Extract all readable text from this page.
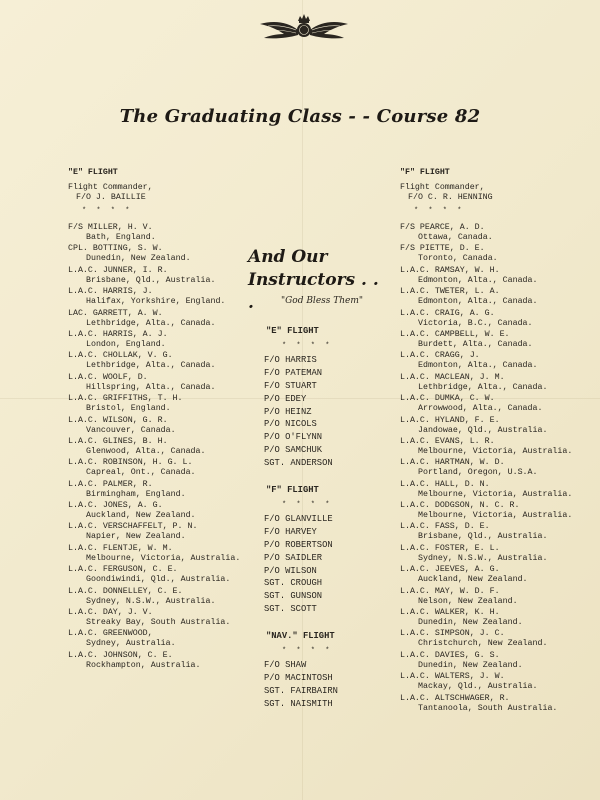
The Graduating Class - - Course 82
"E" FLIGHT
Flight Commander,
F/O J. BAILLIE
* * * *
F/S MILLER, H. V.
Bath, England.
CPL. BOTTING, S. W.
Dunedin, New Zealand.
L.A.C. JUNNER, I. R.
Brisbane, Qld., Australia.
L.A.C. HARRIS, J.
Halifax, Yorkshire, England.
LAC. GARRETT, A. W.
Lethbridge, Alta., Canada.
L.A.C. HARRIS, A. J.
London, England.
L.A.C. CHOLLAK, V. G.
Lethbridge, Alta., Canada.
L.A.C. WOOLF, D.
Hillspring, Alta., Canada.
L.A.C. GRIFFITHS, T. H.
Bristol, England.
L.A.C. WILSON, G. R.
Vancouver, Canada.
L.A.C. GLINES, B. H.
Glenwood, Alta., Canada.
L.A.C. ROBINSON, H. G. L.
Capreal, Ont., Canada.
L.A.C. PALMER, R.
Birmingham, England.
L.A.C. JONES, A. G.
Auckland, New Zealand.
L.A.C. VERSCHAFFELT, P. N.
Napier, New Zealand.
L.A.C. FLENTJE, W. M.
Melbourne, Victoria, Australia.
L.A.C. FERGUSON, C. E.
Goondiwindi, Qld., Australia.
L.A.C. DONNELLEY, C. E.
Sydney, N.S.W., Australia.
L.A.C. DAY, J. V.
Streaky Bay, South Australia.
L.A.C. GREENWOOD,
Sydney, Australia.
L.A.C. JOHNSON, C. E.
Rockhampton, Australia.
And Our
Instructors . . .	"God Bless Them"
"E" FLIGHT
* * * *
F/O HARRIS
F/O PATEMAN
F/O STUART
P/O EDEY
P/O HEINZ
P/O NICOLS
P/O O'FLYNN
P/O SAMCHUK
SGT. ANDERSON
"F" FLIGHT
* * * *
F/O GLANVILLE
F/O HARVEY
P/O ROBERTSON
P/O SAIDLER
P/O WILSON
SGT. CROUGH
SGT. GUNSON
SGT. SCOTT
"NAV." FLIGHT
* * * *
F/O SHAW
P/O MACINTOSH
SGT. FAIRBAIRN
SGT. NAISMITH
"F" FLIGHT
Flight Commander,
F/O C. R. HENNING
* * * *
F/S PEARCE, A. D.
Ottawa, Canada.
F/S PIETTE, D. E.
Toronto, Canada.
L.A.C. RAMSAY, W. H.
Edmonton, Alta., Canada.
L.A.C. TWETER, L. A.
Edmonton, Alta., Canada.
L.A.C. CRAIG, A. G.
Victoria, B.C., Canada.
L.A.C. CAMPBELL, W. E.
Burdett, Alta., Canada.
L.A.C. CRAGG, J.
Edmonton, Alta., Canada.
L.A.C. MACLEAN, J. M.
Lethbridge, Alta., Canada.
L.A.C. DUMKA, C. W.
Arrowwood, Alta., Canada.
L.A.C. HYLAND, F. E.
Jandowae, Qld., Australia.
L.A.C. EVANS, L. R.
Melbourne, Victoria, Australia.
L.A.C. HARTMAN, W. D.
Portland, Oregon, U.S.A.
L.A.C. HALL, D. N.
Melbourne, Victoria, Australia.
L.A.C. DODGSON, N. C. R.
Melbourne, Victoria, Australia.
L.A.C. FASS, D. E.
Brisbane, Qld., Australia.
L.A.C. FOSTER, E. L.
Sydney, N.S.W., Australia.
L.A.C. JEEVES, A. G.
Auckland, New Zealand.
L.A.C. MAY, W. D. F.
Nelson, New Zealand.
L.A.C. WALKER, K. H.
Dunedin, New Zealand.
L.A.C. SIMPSON, J. C.
Christchurch, New Zealand.
L.A.C. DAVIES, G. S.
Dunedin, New Zealand.
L.A.C. WALTERS, J. W.
Mackay, Qld., Australia.
L.A.C. ALTSCHWAGER, R.
Tantanoola, South Australia.
